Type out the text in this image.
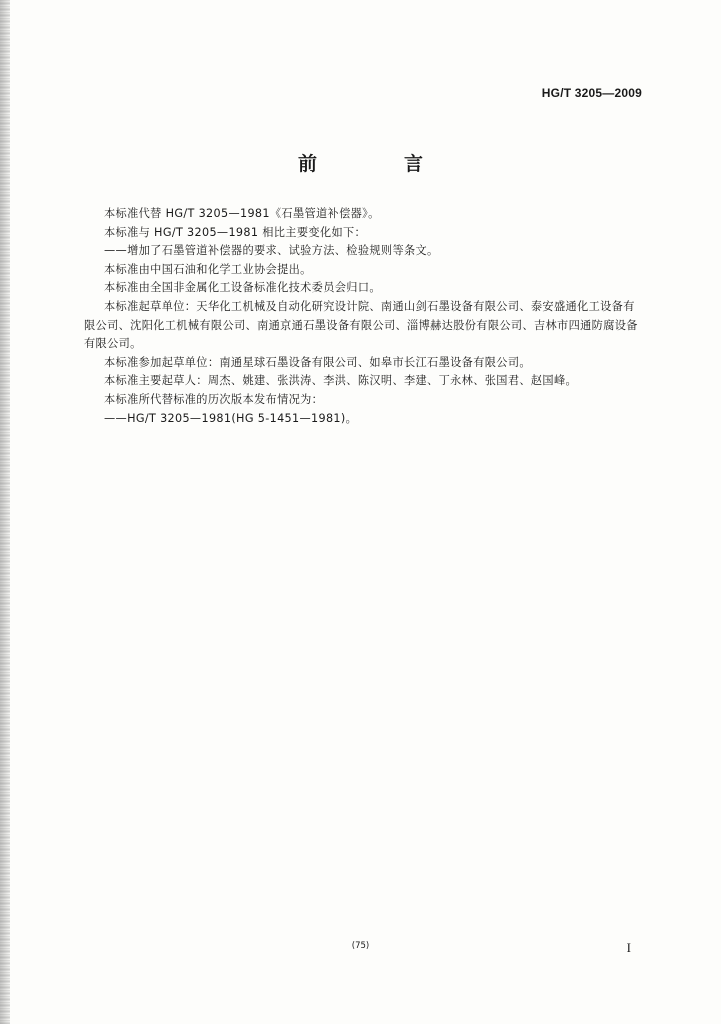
HG/T 3205—2009
前　言

本标准代替 HG/T 3205—1981《石墨管道补偿器》。

本标准与 HG/T 3205—1981 相比主要变化如下：

——增加了石墨管道补偿器的要求、试验方法、检验规则等条文。

本标准由中国石油和化学工业协会提出。

本标准由全国非金属化工设备标准化技术委员会归口。

本标准起草单位：天华化工机械及自动化研究设计院、南通山剑石墨设备有限公司、泰安盛通化工设备有限公司、沈阳化工机械有限公司、南通京通石墨设备有限公司、淄博赫达股份有限公司、吉林市四通防腐设备有限公司。

本标准参加起草单位：南通星球石墨设备有限公司、如皋市长江石墨设备有限公司。

本标准主要起草人：周杰、姚建、张洪涛、李洪、陈汉明、李建、丁永林、张国君、赵国峰。

本标准所代替标准的历次版本发布情况为：

——HG/T 3205—1981(HG 5-1451—1981)。

(75)	I
